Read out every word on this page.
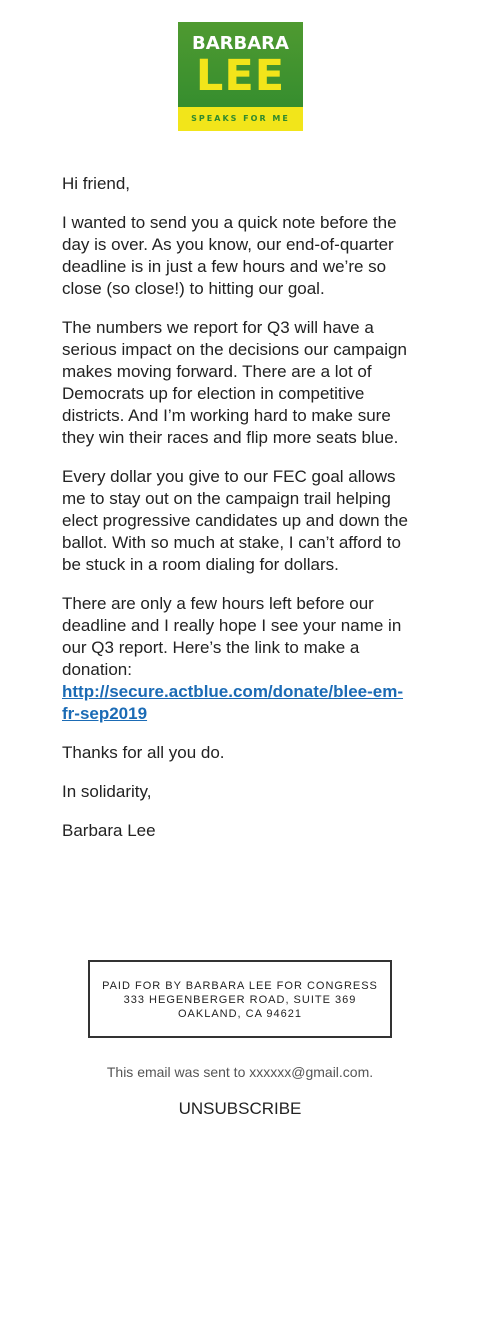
BARBARA
LEE
SPEAKS FOR ME

Hi friend,

I wanted to send you a quick note before the day is over. As you know, our end-of-quarter deadline is in just a few hours and we’re so close (so close!) to hitting our goal.

The numbers we report for Q3 will have a serious impact on the decisions our campaign makes moving forward. There are a lot of Democrats up for election in competitive districts. And I’m working hard to make sure they win their races and flip more seats blue.

Every dollar you give to our FEC goal allows me to stay out on the campaign trail helping elect progressive candidates up and down the ballot. With so much at stake, I can’t afford to be stuck in a room dialing for dollars.

There are only a few hours left before our deadline and I really hope I see your name in our Q3 report. Here’s the link to make a donation:
http://secure.actblue.com/donate/blee-em-fr-sep2019

Thanks for all you do.

In solidarity,

Barbara Lee

PAID FOR BY BARBARA LEE FOR CONGRESS
333 HEGENBERGER ROAD, SUITE 369
OAKLAND, CA 94621
This email was sent to xxxxxx@gmail.com.
UNSUBSCRIBE
